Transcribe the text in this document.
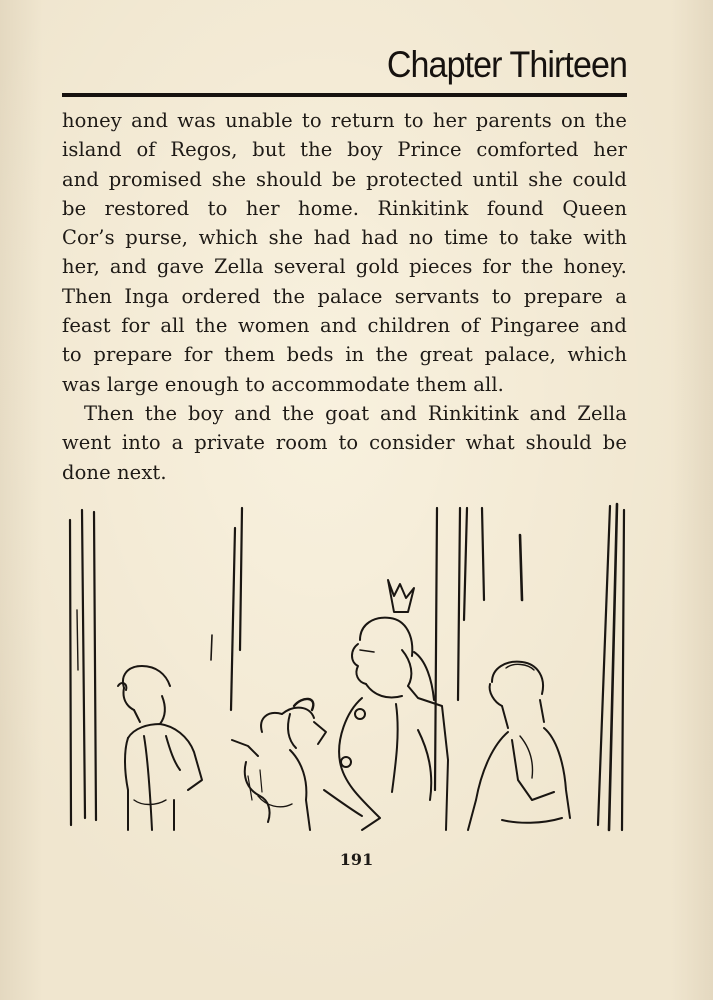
Chapter Thirteen
honey and was unable to return to her parents on the
island of Regos, but the boy Prince comforted her
and promised she should be protected until she could
be restored to her home. Rinkitink found Queen
Cor’s purse, which she had had no time to take with
her, and gave Zella several gold pieces for the honey.
Then Inga ordered the palace servants to prepare a
feast for all the women and children of Pingaree and
to prepare for them beds in the great palace, which
was large enough to accommodate them all.
Then the boy and the goat and Rinkitink and Zella
went into a private room to consider what should be
done next.
191
